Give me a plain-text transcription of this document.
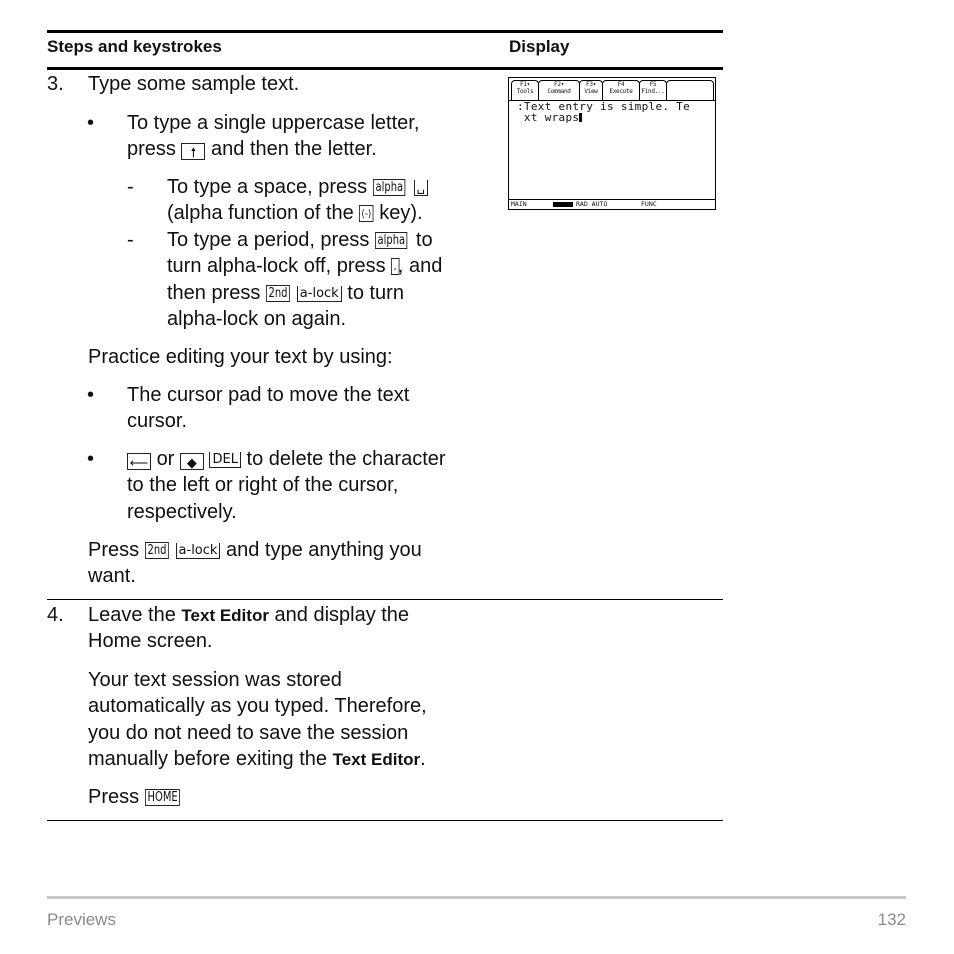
Steps and keystrokes	Display
3. Type some sample text.
• To type a single uppercase letter,
press 🠕 and then the letter.
- To type a space, press alpha ␣
(alpha function of the (-) key).
- To type a period, press alpha to
turn alpha-lock off, press ., and
then press 2nd a-lock to turn
alpha-lock on again.
Practice editing your text by using:
• The cursor pad to move the text
cursor.
•	⟵ or ◆ DEL to delete the character
to the left or right of the cursor,
respectively.
Press 2nd a-lock and type anything you
want.
4. Leave the Text Editor and display the
Home screen.
Your text session was stored
automatically as you typed. Therefore,
you do not need to save the session
manually before exiting the Text Editor.
Press HOME
F1▾
Tools
F2▾
Command
F3▾
View
F4
Execute
F5
Find...
:Text entry is simple. Te
xt wraps
MAIN	RAD AUTO	FUNC
Previews	132
